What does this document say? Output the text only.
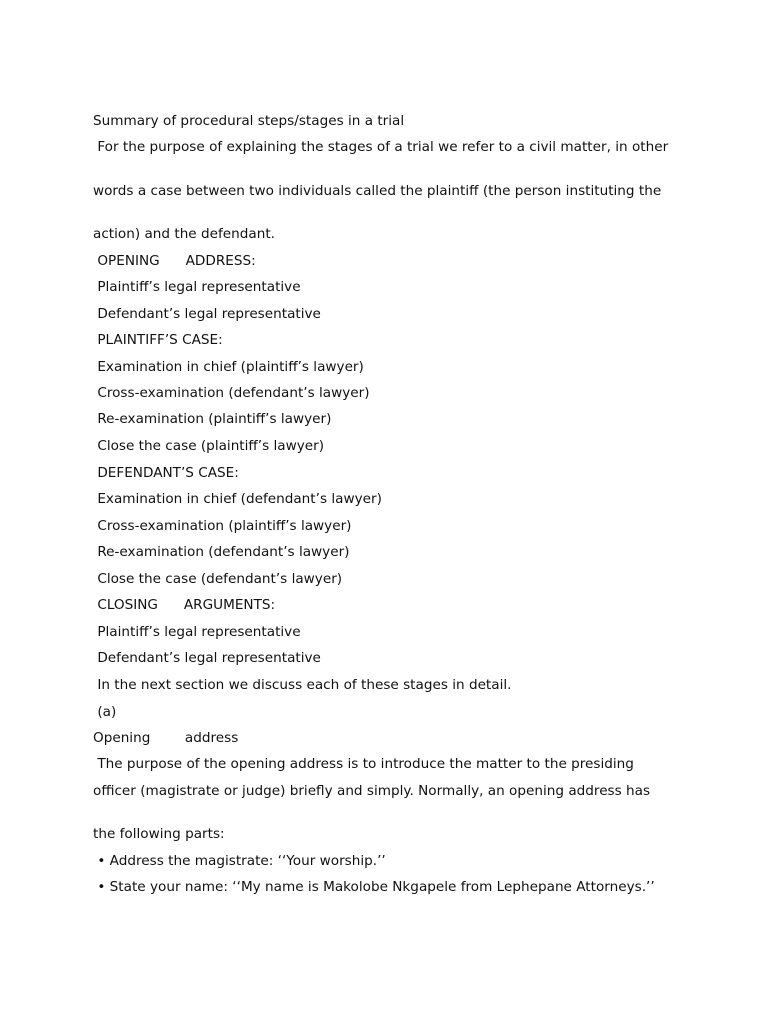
Summary of procedural steps/stages in a trial

For the purpose of explaining the stages of a trial we refer to a civil matter, in other

words a case between two individuals called the plaintiff (the person instituting the

action) and the defendant.

OPENING      ADDRESS:

Plaintiff’s legal representative

Defendant’s legal representative

PLAINTIFF’S CASE:

Examination in chief (plaintiff’s lawyer)

Cross-examination (defendant’s lawyer)

Re-examination (plaintiff’s lawyer)

Close the case (plaintiff’s lawyer)

DEFENDANT’S CASE:

Examination in chief (defendant’s lawyer)

Cross-examination (plaintiff’s lawyer)

Re-examination (defendant’s lawyer)

Close the case (defendant’s lawyer)

CLOSING      ARGUMENTS:

Plaintiff’s legal representative

Defendant’s legal representative

In the next section we discuss each of these stages in detail.

(a)

Opening        address

The purpose of the opening address is to introduce the matter to the presiding

officer (magistrate or judge) briefly and simply. Normally, an opening address has

the following parts:

• Address the magistrate: ‘‘Your worship.’’

• State your name: ‘‘My name is Makolobe Nkgapele from Lephepane Attorneys.’’
